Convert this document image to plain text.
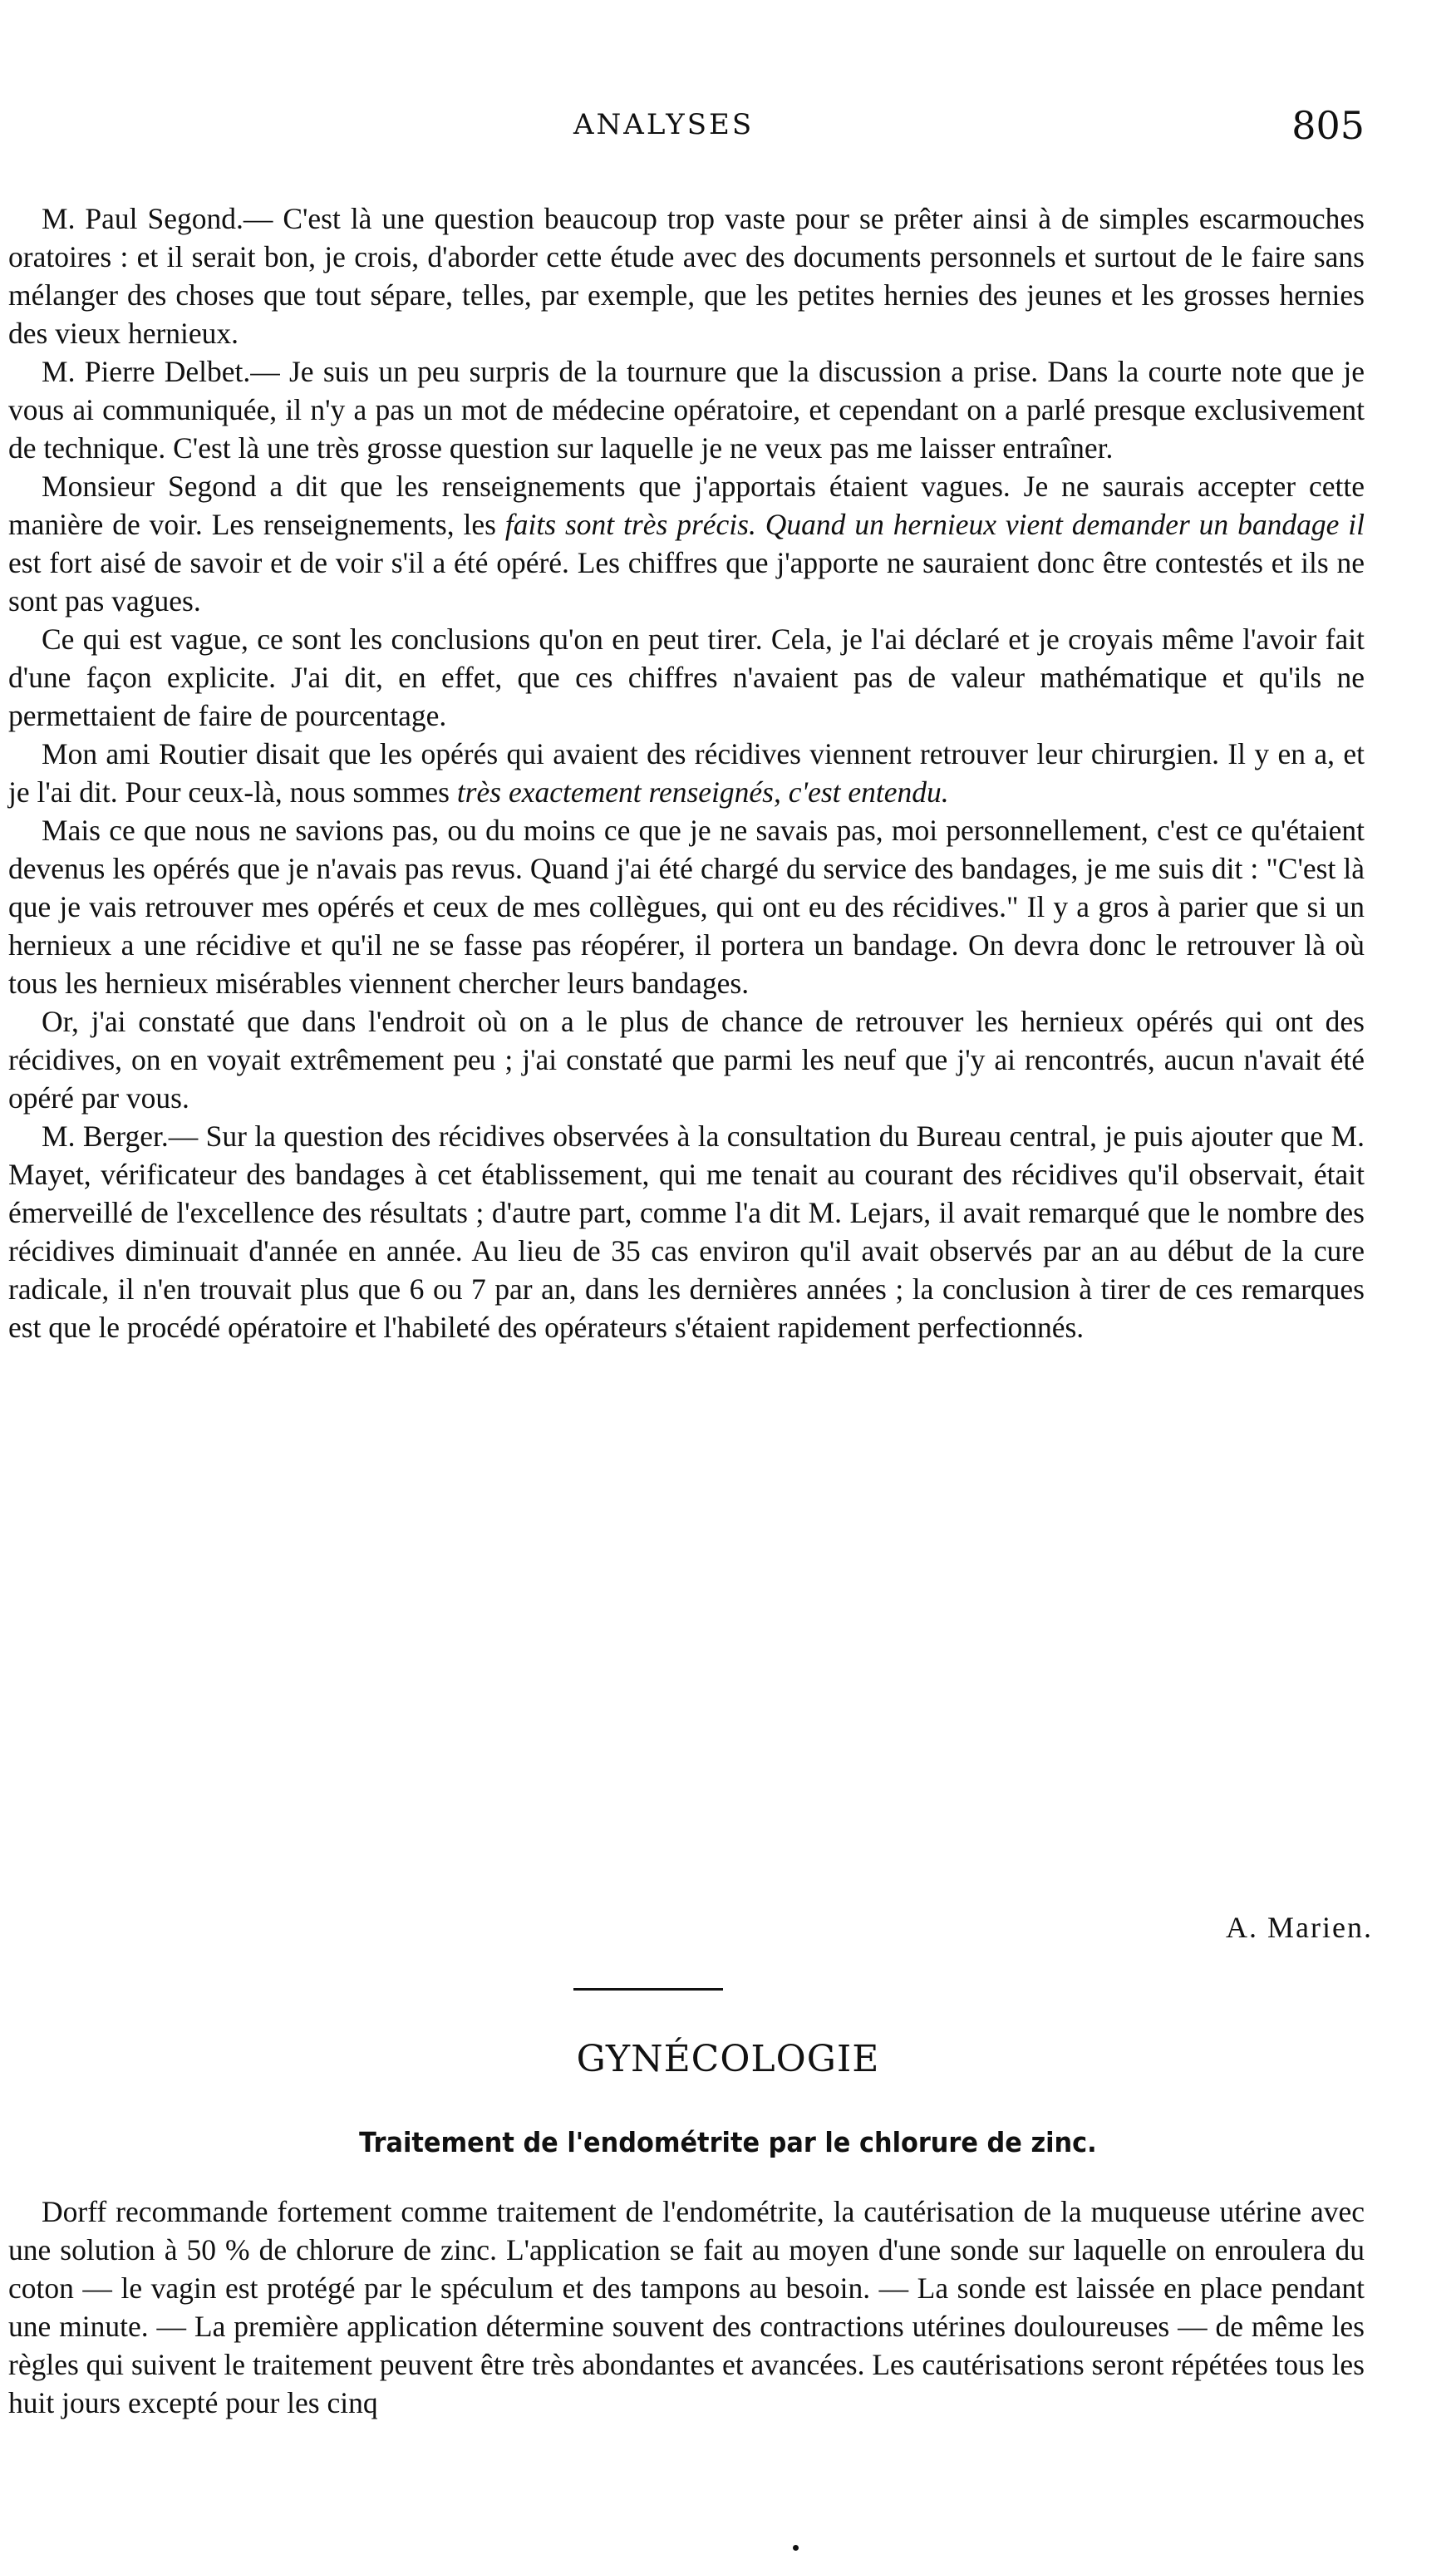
ANALYSES	805

M. Paul Segond.— C'est là une question beaucoup trop vaste pour se prêter ainsi à de simples escarmouches oratoires : et il serait bon, je crois, d'aborder cette étude avec des documents personnels et surtout de le faire sans mélanger des choses que tout sépare, telles, par exemple, que les petites hernies des jeunes et les grosses hernies des vieux hernieux.

M. Pierre Delbet.— Je suis un peu surpris de la tournure que la discussion a prise. Dans la courte note que je vous ai communiquée, il n'y a pas un mot de médecine opératoire, et cependant on a parlé presque exclusivement de technique. C'est là une très grosse question sur laquelle je ne veux pas me laisser entraîner.

Monsieur Segond a dit que les renseignements que j'apportais étaient vagues. Je ne saurais accepter cette manière de voir. Les renseignements, les faits sont très précis. Quand un hernieux vient demander un bandage il est fort aisé de savoir et de voir s'il a été opéré. Les chiffres que j'apporte ne sauraient donc être contestés et ils ne sont pas vagues.

Ce qui est vague, ce sont les conclusions qu'on en peut tirer. Cela, je l'ai déclaré et je croyais même l'avoir fait d'une façon explicite. J'ai dit, en effet, que ces chiffres n'avaient pas de valeur mathématique et qu'ils ne permettaient de faire de pourcentage.

Mon ami Routier disait que les opérés qui avaient des récidives viennent retrouver leur chirurgien. Il y en a, et je l'ai dit. Pour ceux-là, nous sommes très exactement renseignés, c'est entendu.

Mais ce que nous ne savions pas, ou du moins ce que je ne savais pas, moi personnellement, c'est ce qu'étaient devenus les opérés que je n'avais pas revus. Quand j'ai été chargé du service des bandages, je me suis dit : "C'est là que je vais retrouver mes opérés et ceux de mes collègues, qui ont eu des récidives." Il y a gros à parier que si un hernieux a une récidive et qu'il ne se fasse pas réopérer, il portera un bandage. On devra donc le retrouver là où tous les hernieux misérables viennent chercher leurs bandages.

Or, j'ai constaté que dans l'endroit où on a le plus de chance de retrouver les hernieux opérés qui ont des récidives, on en voyait extrêmement peu ; j'ai constaté que parmi les neuf que j'y ai rencontrés, aucun n'avait été opéré par vous.

M. Berger.— Sur la question des récidives observées à la consultation du Bureau central, je puis ajouter que M. Mayet, vérificateur des bandages à cet établissement, qui me tenait au courant des récidives qu'il observait, était émerveillé de l'excellence des résultats ; d'autre part, comme l'a dit M. Lejars, il avait remarqué que le nombre des récidives diminuait d'année en année. Au lieu de 35 cas environ qu'il avait observés par an au début de la cure radicale, il n'en trouvait plus que 6 ou 7 par an, dans les dernières années ; la conclusion à tirer de ces remarques est que le procédé opératoire et l'habileté des opérateurs s'étaient rapidement perfectionnés.

A. Marien.
GYNÉCOLOGIE
Traitement de l'endométrite par le chlorure de zinc.

Dorff recommande fortement comme traitement de l'endométrite, la cautérisation de la muqueuse utérine avec une solution à 50 % de chlorure de zinc. L'application se fait au moyen d'une sonde sur laquelle on enroulera du coton — le vagin est protégé par le spéculum et des tampons au besoin. — La sonde est laissée en place pendant une minute. — La première application détermine souvent des contractions utérines douloureuses — de même les règles qui suivent le traitement peuvent être très abondantes et avancées. Les cautérisations seront répétées tous les huit jours excepté pour les cinq
